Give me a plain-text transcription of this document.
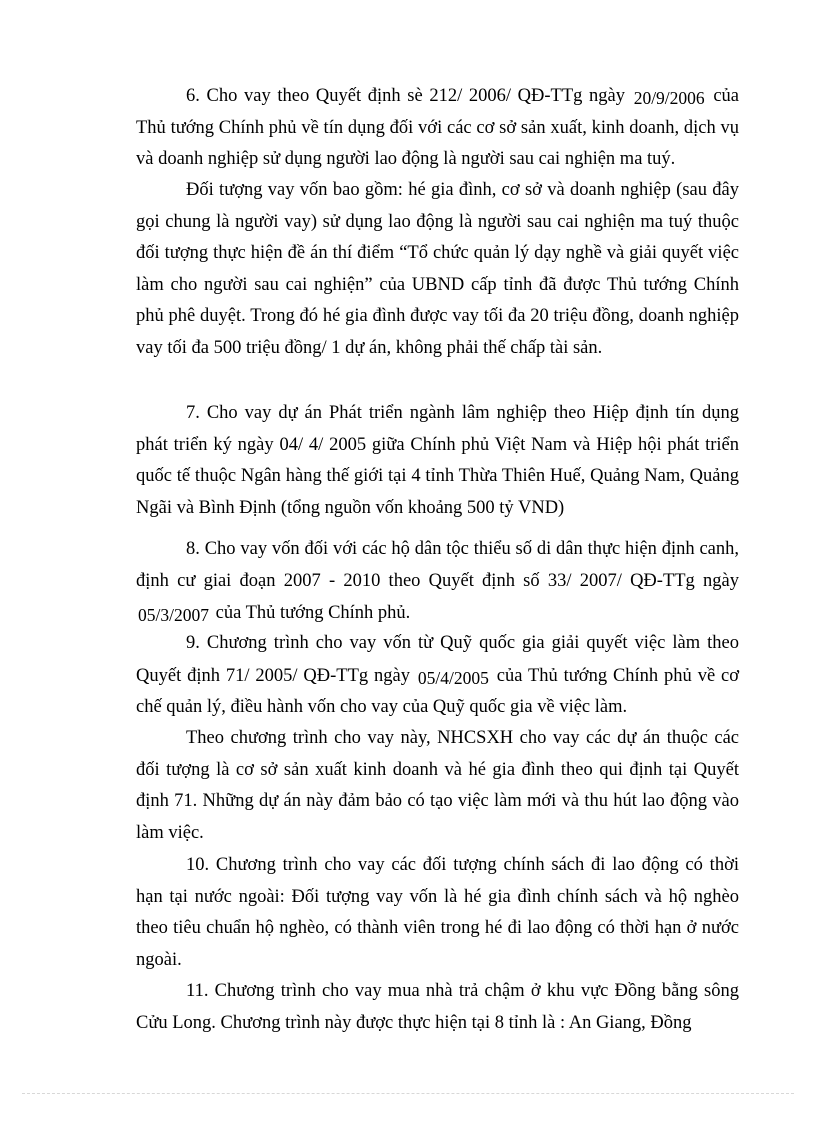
6. Cho vay theo Quyết định sè 212/ 2006/ QĐ-TTg ngày 20/9/2006 của Thủ tướng Chính phủ về tín dụng đối với các cơ sở sản xuất, kinh doanh, dịch vụ và doanh nghiệp sử dụng người lao động là người sau cai nghiện ma tuý.

Đối tượng vay vốn bao gồm: hé gia đình, cơ sở và doanh nghiệp (sau đây gọi chung là người vay) sử dụng lao động là người sau cai nghiện ma tuý thuộc đối tượng thực hiện đề án thí điểm “Tổ chức quản lý dạy nghề và giải quyết việc làm cho người sau cai nghiện” của UBND cấp tỉnh đã được Thủ tướng Chính phủ phê duyệt. Trong đó hé gia đình được vay tối đa 20 triệu đồng, doanh nghiệp vay tối đa 500 triệu đồng/ 1 dự án, không phải thế chấp tài sản.

7. Cho vay dự án Phát triển ngành lâm nghiệp theo Hiệp định tín dụng phát triển ký ngày 04/ 4/ 2005 giữa Chính phủ Việt Nam và Hiệp hội phát triển quốc tế thuộc Ngân hàng thế giới tại 4 tỉnh Thừa Thiên Huế, Quảng Nam, Quảng Ngãi và Bình Định (tổng nguồn vốn khoảng 500 tỷ VND)

8. Cho vay vốn đối với các hộ dân tộc thiểu số di dân thực hiện định canh, định cư giai đoạn 2007 - 2010 theo Quyết định số 33/ 2007/ QĐ-TTg ngày 05/3/2007 của Thủ tướng Chính phủ.

9. Chương trình cho vay vốn từ Quỹ quốc gia giải quyết việc làm theo Quyết định 71/ 2005/ QĐ-TTg ngày 05/4/2005 của Thủ tướng Chính phủ về cơ chế quản lý, điều hành vốn cho vay của Quỹ quốc gia về việc làm.

Theo chương trình cho vay này, NHCSXH cho vay các dự án thuộc các đối tượng là cơ sở sản xuất kinh doanh và hé gia đình theo qui định tại Quyết định 71. Những dự án này đảm bảo có tạo việc làm mới và thu hút lao động vào làm việc.

10. Chương trình cho vay các đối tượng chính sách đi lao động có thời hạn tại nước ngoài: Đối tượng vay vốn là hé gia đình chính sách và hộ nghèo theo tiêu chuẩn hộ nghèo, có thành viên trong hé đi lao động có thời hạn ở nước ngoài.

11. Chương trình cho vay mua nhà trả chậm ở khu vực Đồng bằng sông Cửu Long. Chương trình này được thực hiện tại 8 tỉnh là : An Giang, Đồng
